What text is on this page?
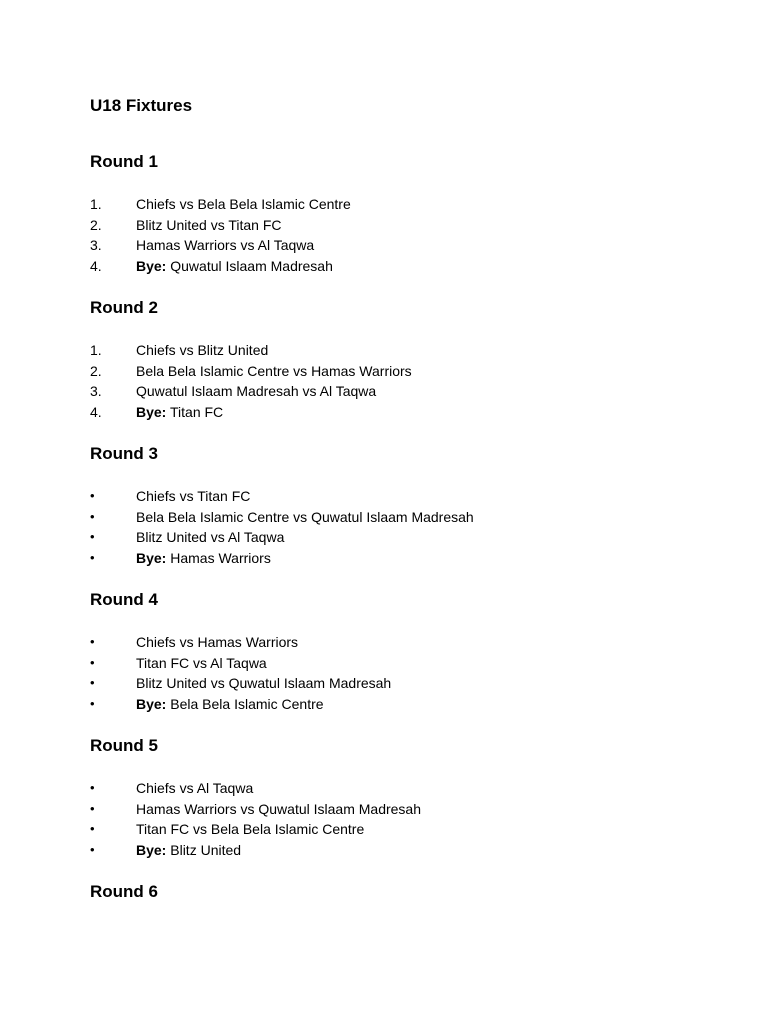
U18 Fixtures
Round 1
1.	Chiefs vs Bela Bela Islamic Centre
2.	Blitz United vs Titan FC
3.	Hamas Warriors vs Al Taqwa
4.	Bye: Quwatul Islaam Madresah
Round 2
1.	Chiefs vs Blitz United
2.	Bela Bela Islamic Centre vs Hamas Warriors
3.	Quwatul Islaam Madresah vs Al Taqwa
4.	Bye: Titan FC
Round 3
•	Chiefs vs Titan FC
•	Bela Bela Islamic Centre vs Quwatul Islaam Madresah
•	Blitz United vs Al Taqwa
•	Bye: Hamas Warriors
Round 4
•	Chiefs vs Hamas Warriors
•	Titan FC vs Al Taqwa
•	Blitz United vs Quwatul Islaam Madresah
•	Bye: Bela Bela Islamic Centre
Round 5
•	Chiefs vs Al Taqwa
•	Hamas Warriors vs Quwatul Islaam Madresah
•	Titan FC vs Bela Bela Islamic Centre
•	Bye: Blitz United
Round 6
